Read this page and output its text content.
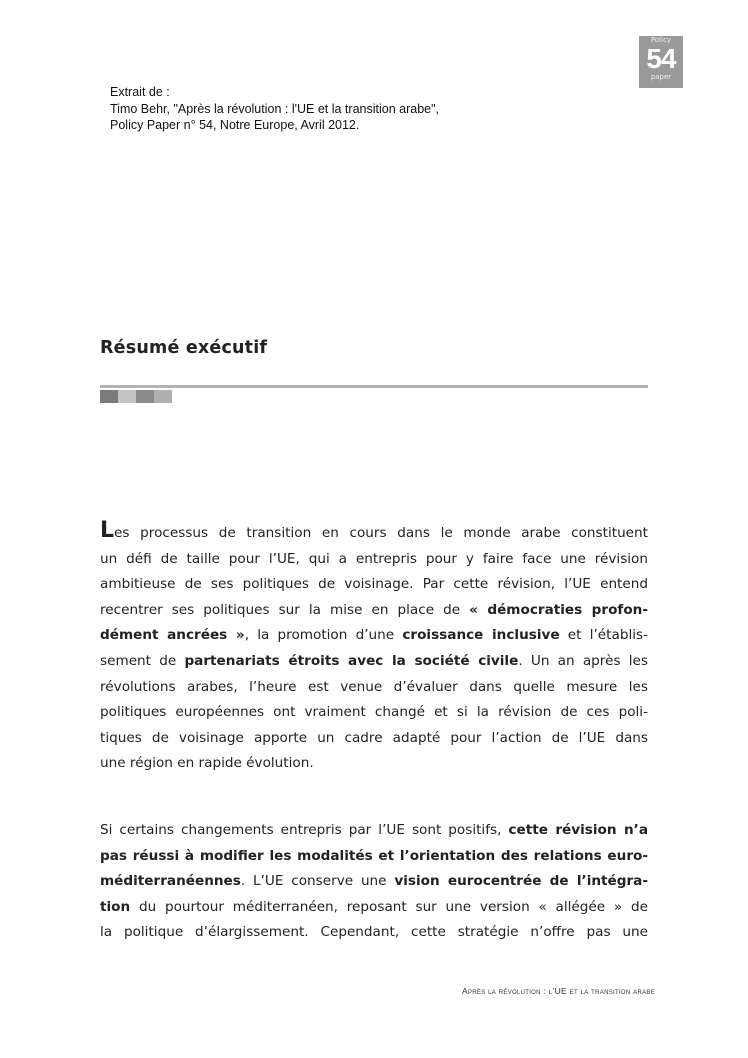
Policy
54
paper
Extrait de :
Timo Behr, "Après la révolution : l'UE et la transition arabe",
Policy Paper n° 54, Notre Europe, Avril 2012.
Résumé exécutif
Les processus de transition en cours dans le monde arabe constituent
un défi de taille pour l’UE, qui a entrepris pour y faire face une révision
ambitieuse de ses politiques de voisinage. Par cette révision, l’UE entend
recentrer ses politiques sur la mise en place de « démocraties profon-
dément ancrées », la promotion d’une croissance inclusive et l’établis-
sement de partenariats étroits avec la société civile. Un an après les
révolutions arabes, l’heure est venue d’évaluer dans quelle mesure les
politiques européennes ont vraiment changé et si la révision de ces poli-
tiques de voisinage apporte un cadre adapté pour l’action de l’UE dans
une région en rapide évolution.
Si certains changements entrepris par l’UE sont positifs, cette révision n’a
pas réussi à modifier les modalités et l’orientation des relations euro-
méditerranéennes. L’UE conserve une vision eurocentrée de l’intégra-
tion du pourtour méditerranéen, reposant sur une version « allégée » de
la politique d’élargissement. Cependant, cette stratégie n’offre pas une
Après la révolution : l’UE et la transition arabe
